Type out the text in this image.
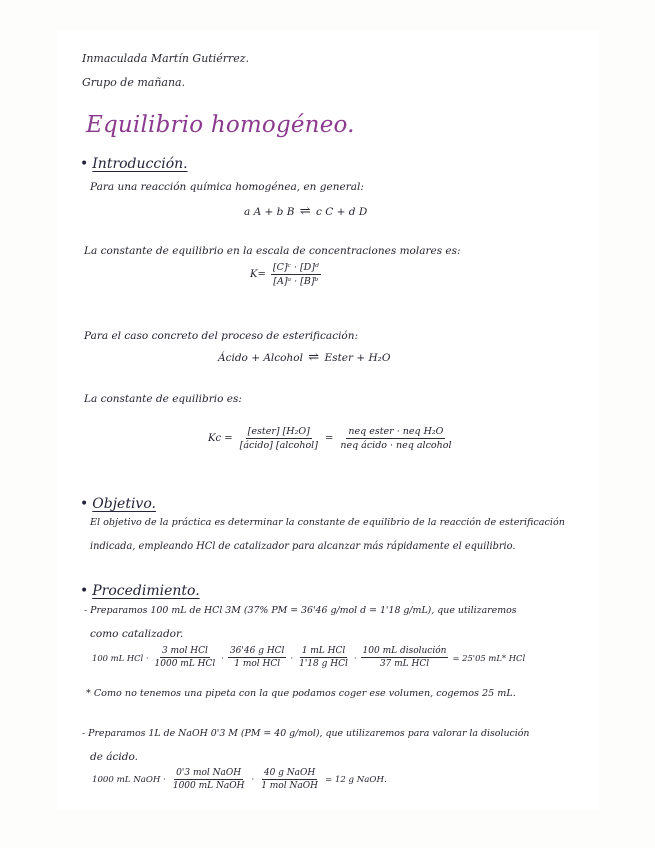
Inmaculada Martín Gutiérrez.
Grupo de mañana.
Equilibrio homogéneo.
• Introducción.
Para una reacción química homogénea, en general:
a A + b B ⇌ c C + d D
La constante de equilibrio en la escala de concentraciones molares es:
$K= \frac{\text{[C]ᶜ · [D]ᵈ}}{\text{[A]ᵃ · [B]ᵇ}}$
Para el caso concreto del proceso de esterificación:
Ácido + Alcohol ⇌ Ester + H₂O
La constante de equilibrio es:
$Kc = \frac{\text{[ester] [H₂O]}}{\text{[ácido] [alcohol]}} = \frac{\text{neq ester · neq H₂O}}{\text{neq ácido · neq alcohol}}$
• Objetivo.
El objetivo de la práctica es determinar la constante de equilibrio de la reacción de esterificación
indicada, empleando HCl de catalizador para alcanzar más rápidamente el equilibrio.
• Procedimiento.
- Preparamos 100 mL de HCl 3M (37% PM = 36'46 g/mol d = 1'18 g/mL), que utilizaremos
como catalizador.
100 mL HCl · $\frac{\text{3 mol HCl}}{\text{1000 mL HCl}} \cdot \frac{\text{36'46 g HCl}}{\text{1 mol HCl}} \cdot \frac{\text{1 mL HCl}}{\text{1'18 g HCl}} \cdot \frac{\text{100 mL disolución}}{\text{37 mL HCl}} = 25'05$ mL* HCl
* Como no tenemos una pipeta con la que podamos coger ese volumen, cogemos 25 mL.
- Preparamos 1L de NaOH 0'3 M (PM = 40 g/mol), que utilizaremos para valorar la disolución
de ácido.
1000 mL NaOH · $\frac{\text{0'3 mol NaOH}}{\text{1000 mL NaOH}} \cdot \frac{\text{40 g NaOH}}{\text{1 mol NaOH}} = 12$ g NaOH.
